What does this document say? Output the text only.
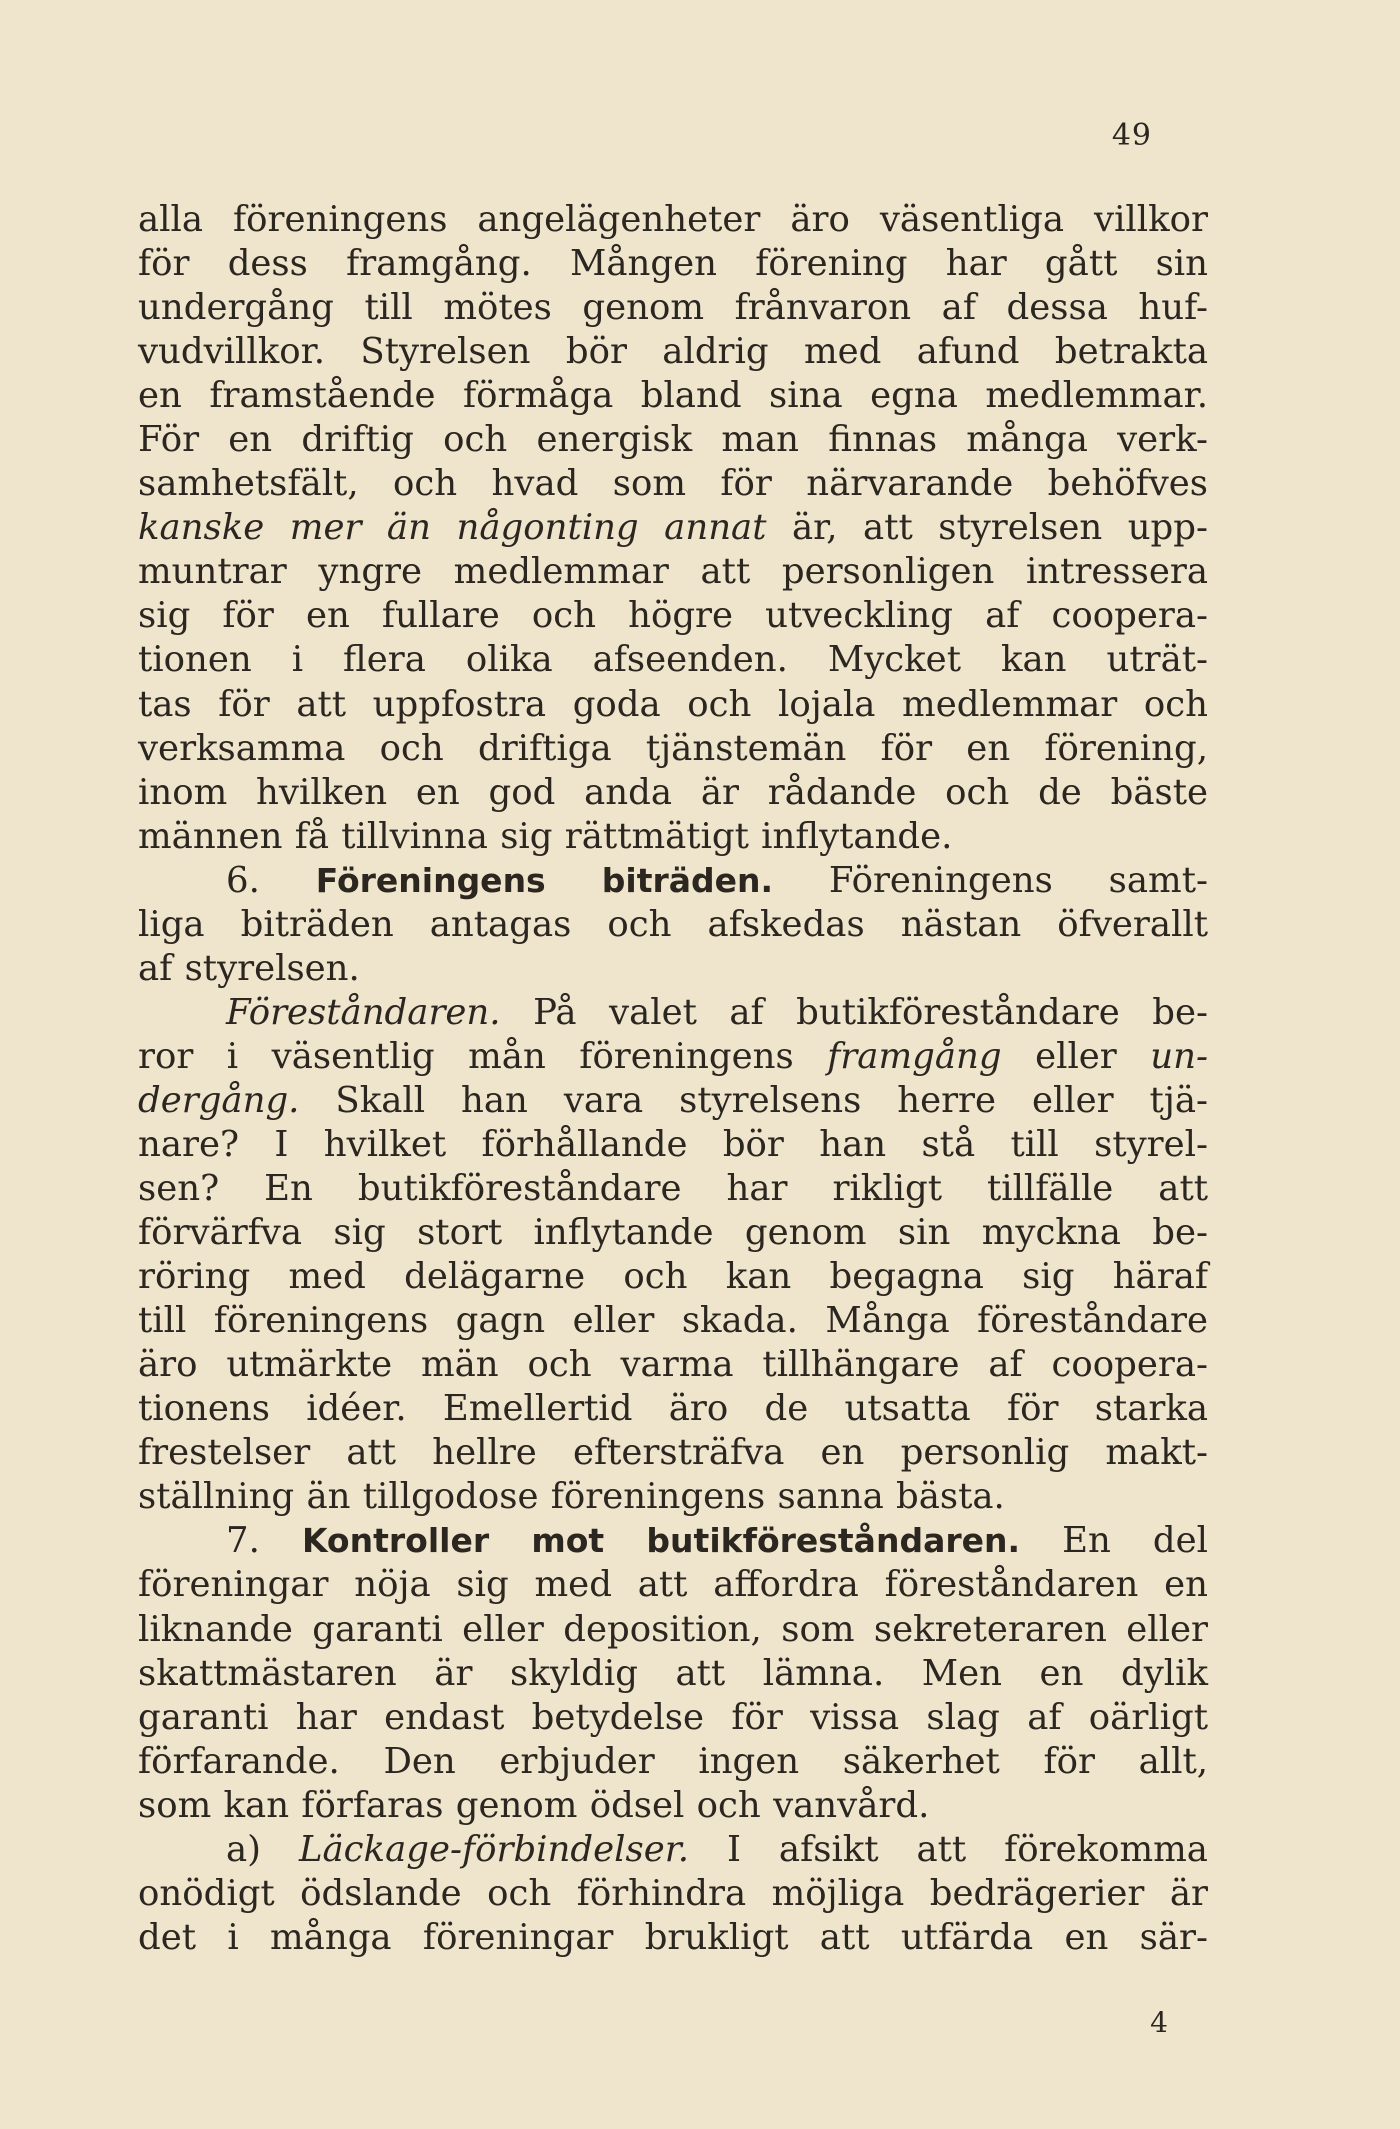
49
alla föreningens angelägenheter äro väsentliga villkor
för dess framgång. Mången förening har gått sin
undergång till mötes genom frånvaron af dessa huf-
vudvillkor. Styrelsen bör aldrig med afund betrakta
en framstående förmåga bland sina egna medlemmar.
För en driftig och energisk man finnas många verk-
samhetsfält, och hvad som för närvarande behöfves
kanske mer än någonting annat är, att styrelsen upp-
muntrar yngre medlemmar att personligen intressera
sig för en fullare och högre utveckling af coopera-
tionen i flera olika afseenden. Mycket kan uträt-
tas för att uppfostra goda och lojala medlemmar och
verksamma och driftiga tjänstemän för en förening,
inom hvilken en god anda är rådande och de bäste
männen få tillvinna sig rättmätigt inflytande.
6. Föreningens biträden. Föreningens samt-
liga biträden antagas och afskedas nästan öfverallt
af styrelsen.
Föreståndaren. På valet af butikföreståndare be-
ror i väsentlig mån föreningens framgång eller un-
dergång. Skall han vara styrelsens herre eller tjä-
nare? I hvilket förhållande bör han stå till styrel-
sen? En butikföreståndare har rikligt tillfälle att
förvärfva sig stort inflytande genom sin myckna be-
röring med delägarne och kan begagna sig häraf
till föreningens gagn eller skada. Många föreståndare
äro utmärkte män och varma tillhängare af coopera-
tionens idéer. Emellertid äro de utsatta för starka
frestelser att hellre eftersträfva en personlig makt-
ställning än tillgodose föreningens sanna bästa.
7. Kontroller mot butikföreståndaren. En del
föreningar nöja sig med att affordra föreståndaren en
liknande garanti eller deposition, som sekreteraren eller
skattmästaren är skyldig att lämna. Men en dylik
garanti har endast betydelse för vissa slag af oärligt
förfarande. Den erbjuder ingen säkerhet för allt,
som kan förfaras genom ödsel och vanvård.
a) Läckage-förbindelser. I afsikt att förekomma
onödigt ödslande och förhindra möjliga bedrägerier är
det i många föreningar brukligt att utfärda en sär-
4
